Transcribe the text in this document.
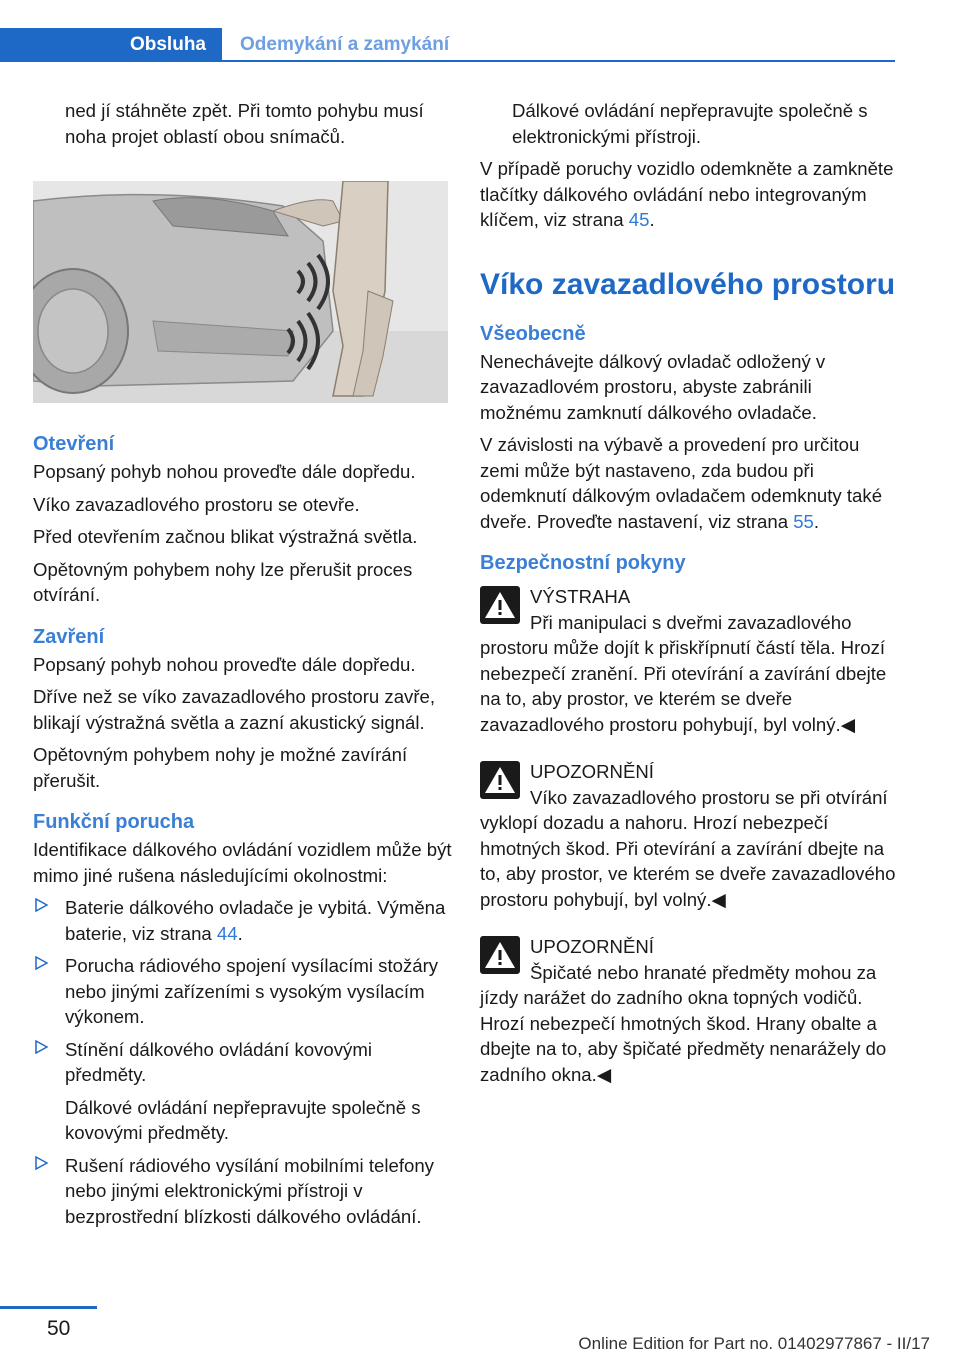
Obsluha	Odemykání a zamykání

ned jí stáhněte zpět. Při tomto pohybu musí noha projet oblastí obou snímačů.

Otevření

Popsaný pohyb nohou proveďte dále dopředu.

Víko zavazadlového prostoru se otevře.

Před otevřením začnou blikat výstražná světla.

Opětovným pohybem nohy lze přerušit proces otvírání.

Zavření

Popsaný pohyb nohou proveďte dále dopředu.

Dříve než se víko zavazadlového prostoru zavře, blikají výstražná světla a zazní akustický signál.

Opětovným pohybem nohy je možné zavírání přerušit.

Funkční porucha

Identifikace dálkového ovládání vozidlem může být mimo jiné rušena následujícími okolnostmi:

Baterie dálkového ovladače je vybitá. Výměna baterie, viz strana 44.
Porucha rádiového spojení vysílacími stožáry nebo jinými zařízeními s vysokým vysílacím výkonem.
Stínění dálkového ovládání kovovými předměty.

Dálkové ovládání nepřepravujte společně s kovovými předměty.

Rušení rádiového vysílání mobilními telefony nebo jinými elektronickými přístroji v bezprostřední blízkosti dálkového ovládání.

Dálkové ovládání nepřepravujte společně s elektronickými přístroji.

V případě poruchy vozidlo odemkněte a zamkněte tlačítky dálkového ovládání nebo integrovaným klíčem, viz strana 45.

Víko zavazadlového prostoru
Všeobecně

Nenechávejte dálkový ovladač odložený v zavazadlovém prostoru, abyste zabránili možnému zamknutí dálkového ovladače.

V závislosti na výbavě a provedení pro určitou zemi může být nastaveno, zda budou při odemknutí dálkovým ovladačem odemknuty také dveře. Proveďte nastavení, viz strana 55.

Bezpečnostní pokyny
VÝSTRAHA
Při manipulaci s dveřmi zavazadlového prostoru může dojít k přiskřípnutí částí těla. Hrozí nebezpečí zranění. Při otevírání a zavírání dbejte na to, aby prostor, ve kterém se dveře zavazadlového prostoru pohybují, byl volný.◀
UPOZORNĚNÍ
Víko zavazadlového prostoru se při otvírání vyklopí dozadu a nahoru. Hrozí nebezpečí hmotných škod. Při otevírání a zavírání dbejte na to, aby prostor, ve kterém se dveře zavazadlového prostoru pohybují, byl volný.◀
UPOZORNĚNÍ
Špičaté nebo hranaté předměty mohou za jízdy narážet do zadního okna topných vodičů. Hrozí nebezpečí hmotných škod. Hrany obalte a dbejte na to, aby špičaté předměty nenarážely do zadního okna.◀
50
Online Edition for Part no. 01402977867 - II/17
